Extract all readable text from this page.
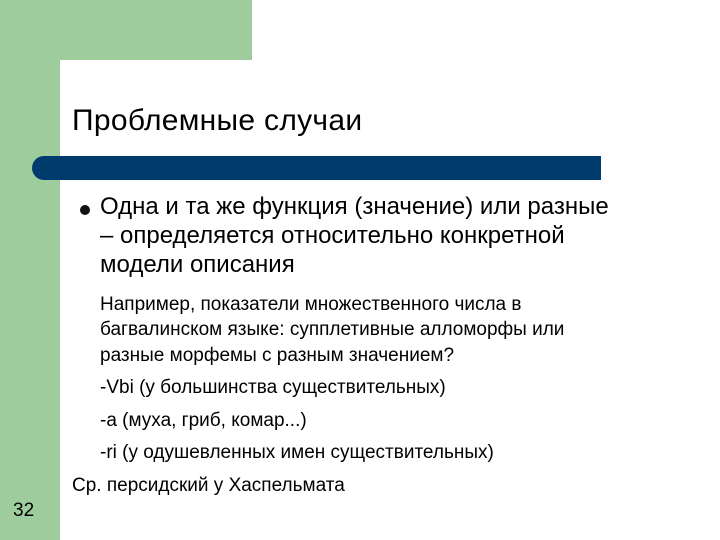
Проблемные случаи
Одна и та же функция (значение) или разные
– определяется относительно конкретной
модели описания
Например, показатели множественного числа в
багвалинском языке: супплетивные алломорфы или
разные морфемы с разным значением?
-Vbi (у большинства существительных)
-a (муха, гриб, комар...)
-ri (у одушевленных имен существительных)
Ср. персидский у Хаспельмата
32
